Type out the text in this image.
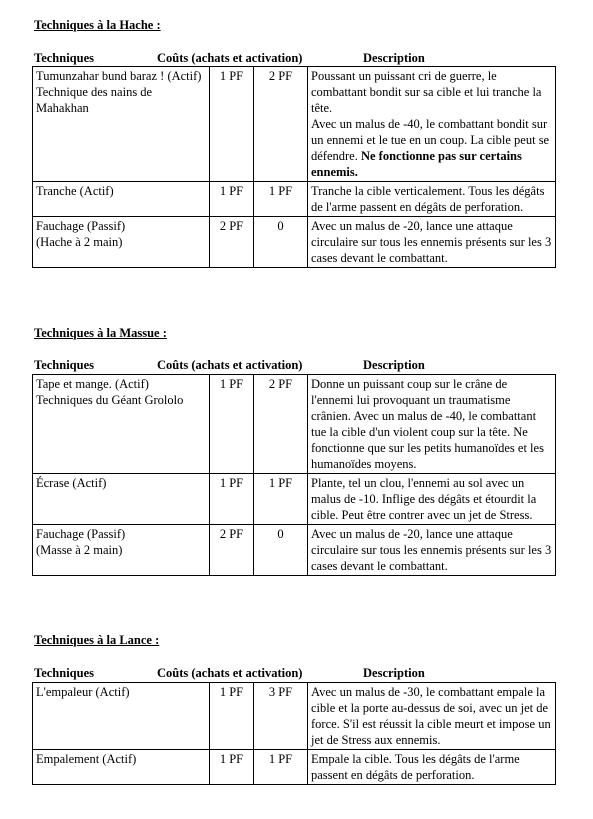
Techniques à la Hache :
Techniques	Coûts (achats et activation)	Description
Tumunzahar bund baraz ! (Actif)
Technique des nains de Mahakhan	1 PF	2 PF	Poussant un puissant cri de guerre, le combattant bondit sur sa cible et lui tranche la tête.
Avec un malus de -40, le combattant bondit sur un ennemi et le tue en un coup. La cible peut se défendre. Ne fonctionne pas sur certains ennemis.

Tranche (Actif)	1 PF	1 PF	Tranche la cible verticalement. Tous les dégâts de l'arme passent en dégâts de perforation.

Fauchage (Passif)
(Hache à 2 main)	2 PF	0	Avec un malus de -20, lance une attaque circulaire sur tous les ennemis présents sur les 3 cases devant le combattant.
Techniques à la Massue :
Techniques	Coûts (achats et activation)	Description
Tape et mange. (Actif)
Techniques du Géant Grololo	1 PF	2 PF	Donne un puissant coup sur le crâne de l'ennemi lui provoquant un traumatisme crânien. Avec un malus de -40, le combattant tue la cible d'un violent coup sur la tête. Ne fonctionne que sur les petits humanoïdes et les humanoïdes moyens.

Écrase (Actif)	1 PF	1 PF	Plante, tel un clou, l'ennemi au sol avec un malus de -10. Inflige des dégâts et étourdit la cible. Peut être contrer avec un jet de Stress.

Fauchage (Passif)
(Masse à 2 main)	2 PF	0	Avec un malus de -20, lance une attaque circulaire sur tous les ennemis présents sur les 3 cases devant le combattant.
Techniques à la Lance :
Techniques	Coûts (achats et activation)	Description
L'empaleur (Actif)	1 PF	3 PF	Avec un malus de -30, le combattant empale la cible et la porte au-dessus de soi, avec un jet de force. S'il est réussit la cible meurt et impose un jet de Stress aux ennemis.

Empalement (Actif)	1 PF	1 PF	Empale la cible. Tous les dégâts de l'arme passent en dégâts de perforation.
